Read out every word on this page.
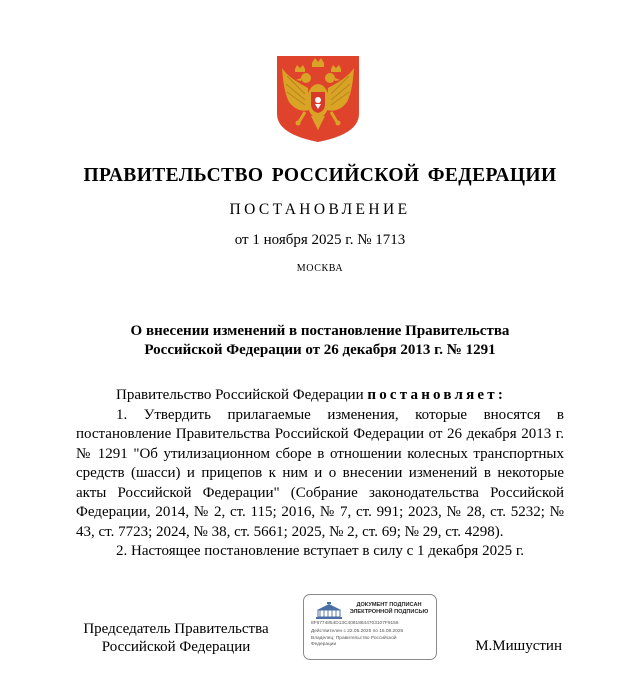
ПРАВИТЕЛЬСТВО РОССИЙСКОЙ ФЕДЕРАЦИИ
ПОСТАНОВЛЕНИЕ
от 1 ноября 2025 г. № 1713
МОСКВА
О внесении изменений в постановление Правительства
Российской Федерации от 26 декабря 2013 г. № 1291

Правительство Российской Федерации постановляет:

1. Утвердить прилагаемые изменения, которые вносятся в постановление Правительства Российской Федерации от 26 декабря 2013 г. № 1291 "Об утилизационном сборе в отношении колесных транспортных средств (шасси) и прицепов к ним и о внесении изменений в некоторые акты Российской Федерации" (Собрание законодательства Российской Федерации, 2014, № 2, ст. 115; 2016, № 7, ст. 991; 2023, № 28, ст. 5232; № 43, ст. 7723; 2024, № 38, ст. 5661; 2025, № 2, ст. 69; № 29, ст. 4298).

2. Настоящее постановление вступает в силу с 1 декабря 2025 г.

Председатель Правительства
Российской Федерации
ДОКУМЕНТ ПОДПИСАН
ЭЛЕКТРОННОЙ ПОДПИСЬЮ
8F6774854D13C40818844703107F9155
Действителен с 22.05.2025 по 15.08.2026
Владелец: Правительство Российской
Федерации	М.Мишустин
